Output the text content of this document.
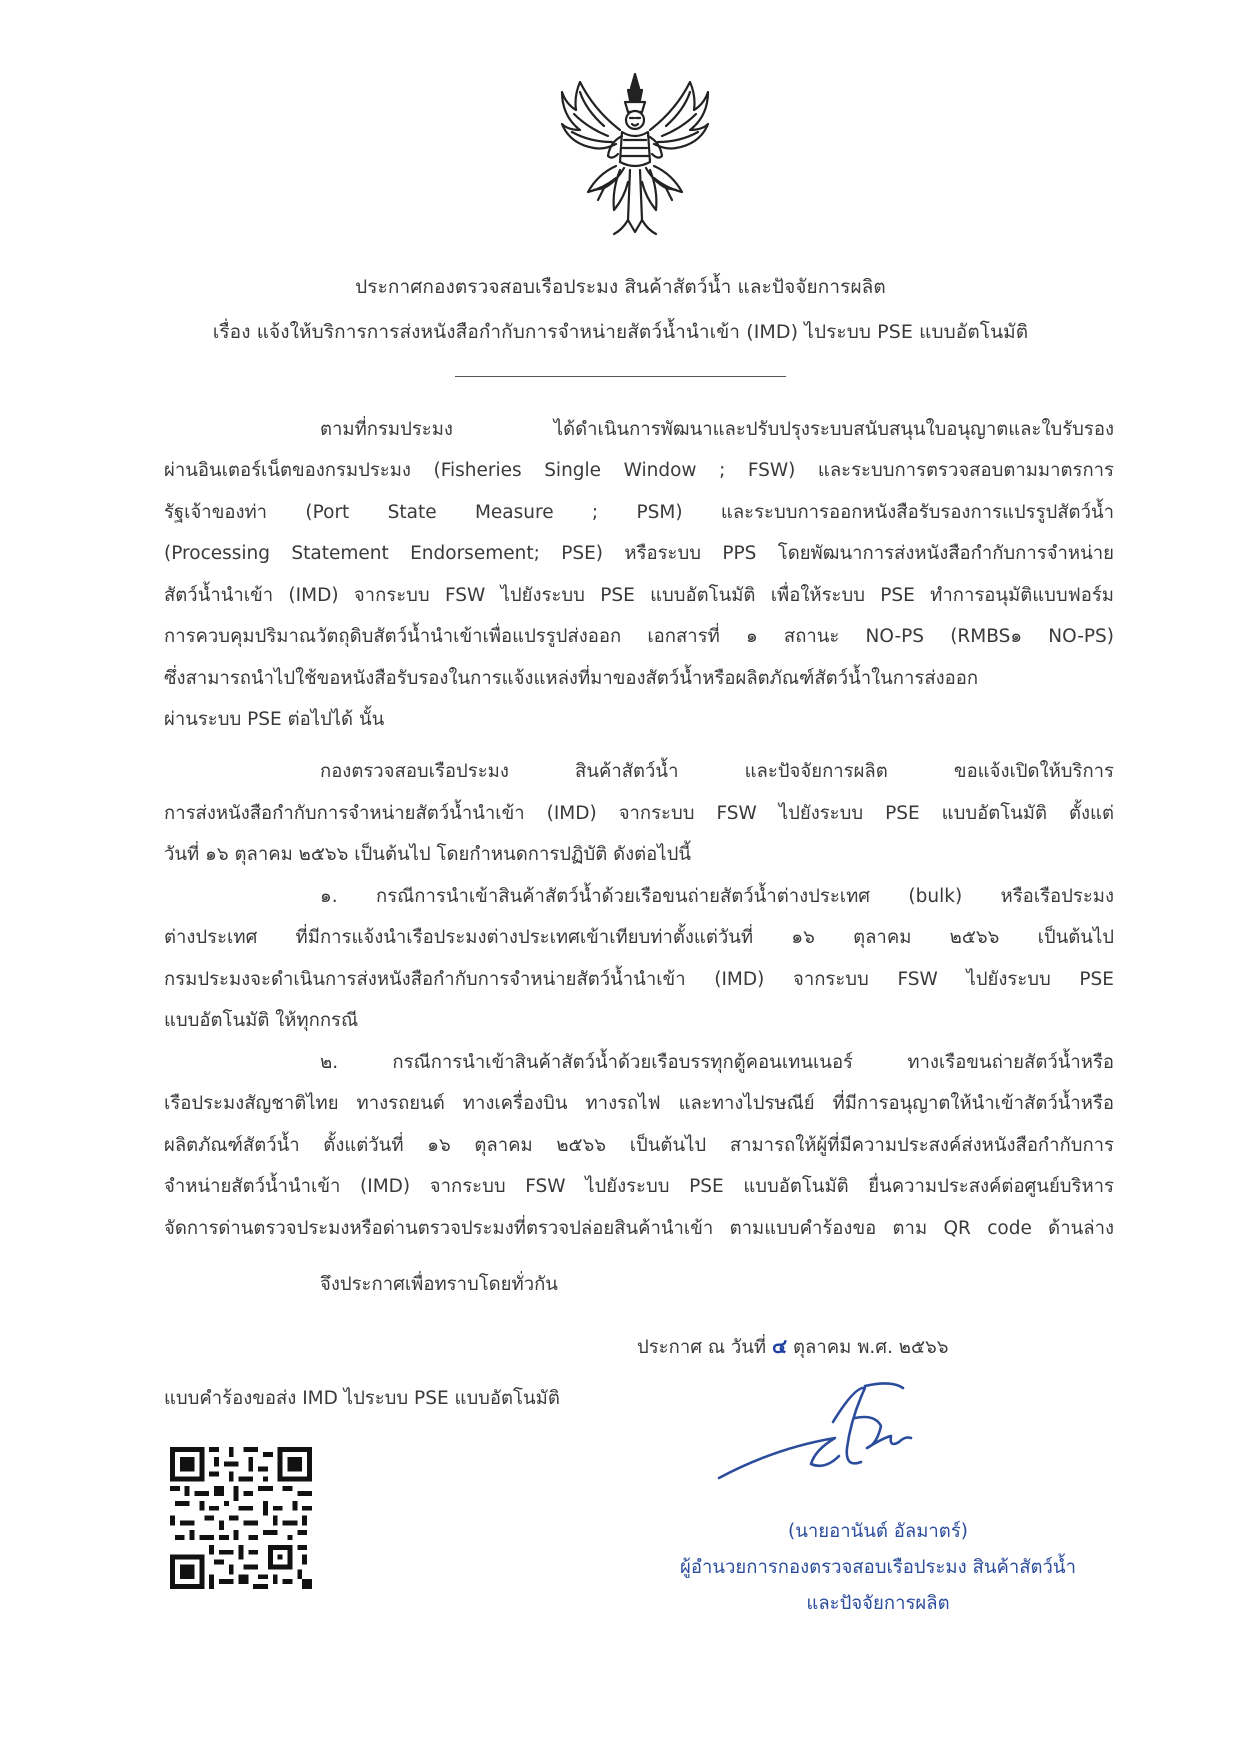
ประกาศกองตรวจสอบเรือประมง สินค้าสัตว์น้ำ และปัจจัยการผลิต
เรื่อง แจ้งให้บริการการส่งหนังสือกำกับการจำหน่ายสัตว์น้ำนำเข้า (IMD) ไประบบ PSE แบบอัตโนมัติ
ตามที่กรมประมง ได้ดำเนินการพัฒนาและปรับปรุงระบบสนับสนุนใบอนุญาตและใบรับรอง
ผ่านอินเตอร์เน็ตของกรมประมง (Fisheries Single Window ; FSW) และระบบการตรวจสอบตามมาตรการ
รัฐเจ้าของท่า (Port State Measure ; PSM) และระบบการออกหนังสือรับรองการแปรรูปสัตว์น้ำ
(Processing Statement Endorsement; PSE) หรือระบบ PPS โดยพัฒนาการส่งหนังสือกำกับการจำหน่าย
สัตว์น้ำนำเข้า (IMD) จากระบบ FSW ไปยังระบบ PSE แบบอัตโนมัติ เพื่อให้ระบบ PSE ทำการอนุมัติแบบฟอร์ม
การควบคุมปริมาณวัตถุดิบสัตว์น้ำนำเข้าเพื่อแปรรูปส่งออก เอกสารที่ ๑ สถานะ NO-PS (RMBS๑ NO-PS)
ซึ่งสามารถนำไปใช้ขอหนังสือรับรองในการแจ้งแหล่งที่มาของสัตว์น้ำหรือผลิตภัณฑ์สัตว์น้ำในการส่งออก
ผ่านระบบ PSE ต่อไปได้ นั้น
กองตรวจสอบเรือประมง สินค้าสัตว์น้ำ และปัจจัยการผลิต ขอแจ้งเปิดให้บริการ
การส่งหนังสือกำกับการจำหน่ายสัตว์น้ำนำเข้า (IMD) จากระบบ FSW ไปยังระบบ PSE แบบอัตโนมัติ ตั้งแต่
วันที่ ๑๖ ตุลาคม ๒๕๖๖ เป็นต้นไป โดยกำหนดการปฏิบัติ ดังต่อไปนี้
๑. กรณีการนำเข้าสินค้าสัตว์น้ำด้วยเรือขนถ่ายสัตว์น้ำต่างประเทศ (bulk) หรือเรือประมง
ต่างประเทศ ที่มีการแจ้งนำเรือประมงต่างประเทศเข้าเทียบท่าตั้งแต่วันที่ ๑๖ ตุลาคม ๒๕๖๖ เป็นต้นไป
กรมประมงจะดำเนินการส่งหนังสือกำกับการจำหน่ายสัตว์น้ำนำเข้า (IMD) จากระบบ FSW ไปยังระบบ PSE
แบบอัตโนมัติ ให้ทุกกรณี
๒. กรณีการนำเข้าสินค้าสัตว์น้ำด้วยเรือบรรทุกตู้คอนเทนเนอร์ ทางเรือขนถ่ายสัตว์น้ำหรือ
เรือประมงสัญชาติไทย ทางรถยนต์ ทางเครื่องบิน ทางรถไฟ และทางไปรษณีย์ ที่มีการอนุญาตให้นำเข้าสัตว์น้ำหรือ
ผลิตภัณฑ์สัตว์น้ำ ตั้งแต่วันที่ ๑๖ ตุลาคม ๒๕๖๖ เป็นต้นไป สามารถให้ผู้ที่มีความประสงค์ส่งหนังสือกำกับการ
จำหน่ายสัตว์น้ำนำเข้า (IMD) จากระบบ FSW ไปยังระบบ PSE แบบอัตโนมัติ ยื่นความประสงค์ต่อศูนย์บริหาร
จัดการด่านตรวจประมงหรือด่านตรวจประมงที่ตรวจปล่อยสินค้านำเข้า ตามแบบคำร้องขอ ตาม QR code ด้านล่าง
จึงประกาศเพื่อทราบโดยทั่วกัน
ประกาศ ณ วันที่ ๔ ตุลาคม พ.ศ. ๒๕๖๖
(นายอานันต์ อัลมาตร์)
ผู้อำนวยการกองตรวจสอบเรือประมง สินค้าสัตว์น้ำ
และปัจจัยการผลิต
แบบคำร้องขอส่ง IMD ไประบบ PSE แบบอัตโนมัติ
